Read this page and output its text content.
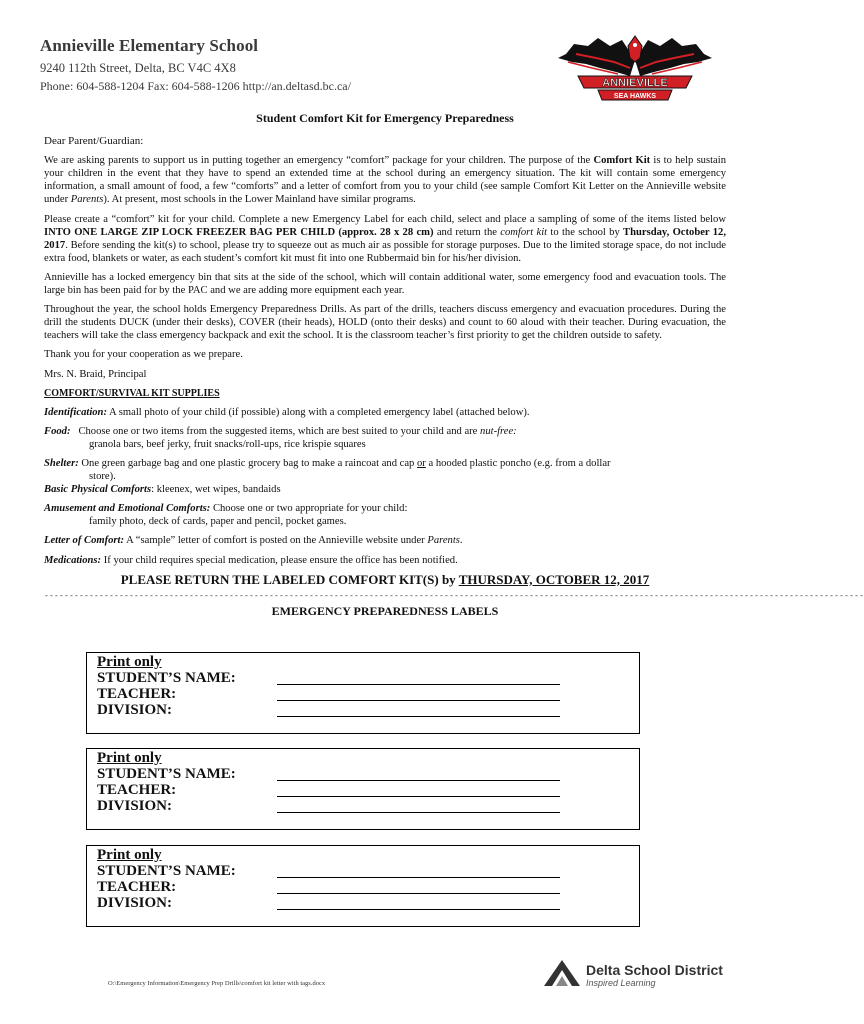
Annieville Elementary School
9240 112th Street, Delta, BC V4C 4X8
Phone: 604-588-1204 Fax: 604-588-1206 http://an.deltasd.bc.ca/	ANNIEVILLE
SEA HAWKS
Student Comfort Kit for Emergency Preparedness
Dear Parent/Guardian:
We are asking parents to support us in putting together an emergency “comfort” package for your children. The purpose of the Comfort Kit is to help sustain your children in the event that they have to spend an extended time at the school during an emergency situation. The kit will contain some emergency information, a small amount of food, a few “comforts” and a letter of comfort from you to your child (see sample Comfort Kit Letter on the Annieville website under Parents). At present, most schools in the Lower Mainland have similar programs.
Please create a “comfort” kit for your child. Complete a new Emergency Label for each child, select and place a sampling of some of the items listed below INTO ONE LARGE ZIP LOCK FREEZER BAG PER CHILD (approx. 28 x 28 cm) and return the comfort kit to the school by Thursday, October 12, 2017. Before sending the kit(s) to school, please try to squeeze out as much air as possible for storage purposes. Due to the limited storage space, do not include extra food, blankets or water, as each student’s comfort kit must fit into one Rubbermaid bin for his/her division.
Annieville has a locked emergency bin that sits at the side of the school, which will contain additional water, some emergency food and evacuation tools. The large bin has been paid for by the PAC and we are adding more equipment each year.
Throughout the year, the school holds Emergency Preparedness Drills. As part of the drills, teachers discuss emergency and evacuation procedures. During the drill the students DUCK (under their desks), COVER (their heads), HOLD (onto their desks) and count to 60 aloud with their teacher. During evacuation, the teachers will take the class emergency backpack and exit the school. It is the classroom teacher’s first priority to get the children outside to safety.
Thank you for your cooperation as we prepare.
Mrs. N. Braid, Principal
COMFORT/SURVIVAL KIT SUPPLIES
Identification: A small photo of your child (if possible) along with a completed emergency label (attached below).
Food: Choose one or two items from the suggested items, which are best suited to your child and are nut-free:
granola bars, beef jerky, fruit snacks/roll-ups, rice krispie squares
Shelter: One green garbage bag and one plastic grocery bag to make a raincoat and cap or a hooded plastic poncho (e.g. from a dollar
store).
Basic Physical Comforts: kleenex, wet wipes, bandaids
Amusement and Emotional Comforts: Choose one or two appropriate for your child:
family photo, deck of cards, paper and pencil, pocket games.
Letter of Comfort: A “sample” letter of comfort is posted on the Annieville website under Parents.
Medications: If your child requires special medication, please ensure the office has been notified.
PLEASE RETURN THE LABELED COMFORT KIT(S) by THURSDAY, OCTOBER 12, 2017
--------------------------------------------------------------------------------------------------------------------------------------------------------------------
EMERGENCY PREPAREDNESS LABELS
Print only
STUDENT’S NAME:
TEACHER:
DIVISION:
Print only
STUDENT’S NAME:
TEACHER:
DIVISION:
Print only
STUDENT’S NAME:
TEACHER:
DIVISION:
O:\Emergency Information\Emergency Prep Drills\comfort kit letter with tags.docx
Delta School District
Inspired Learning
